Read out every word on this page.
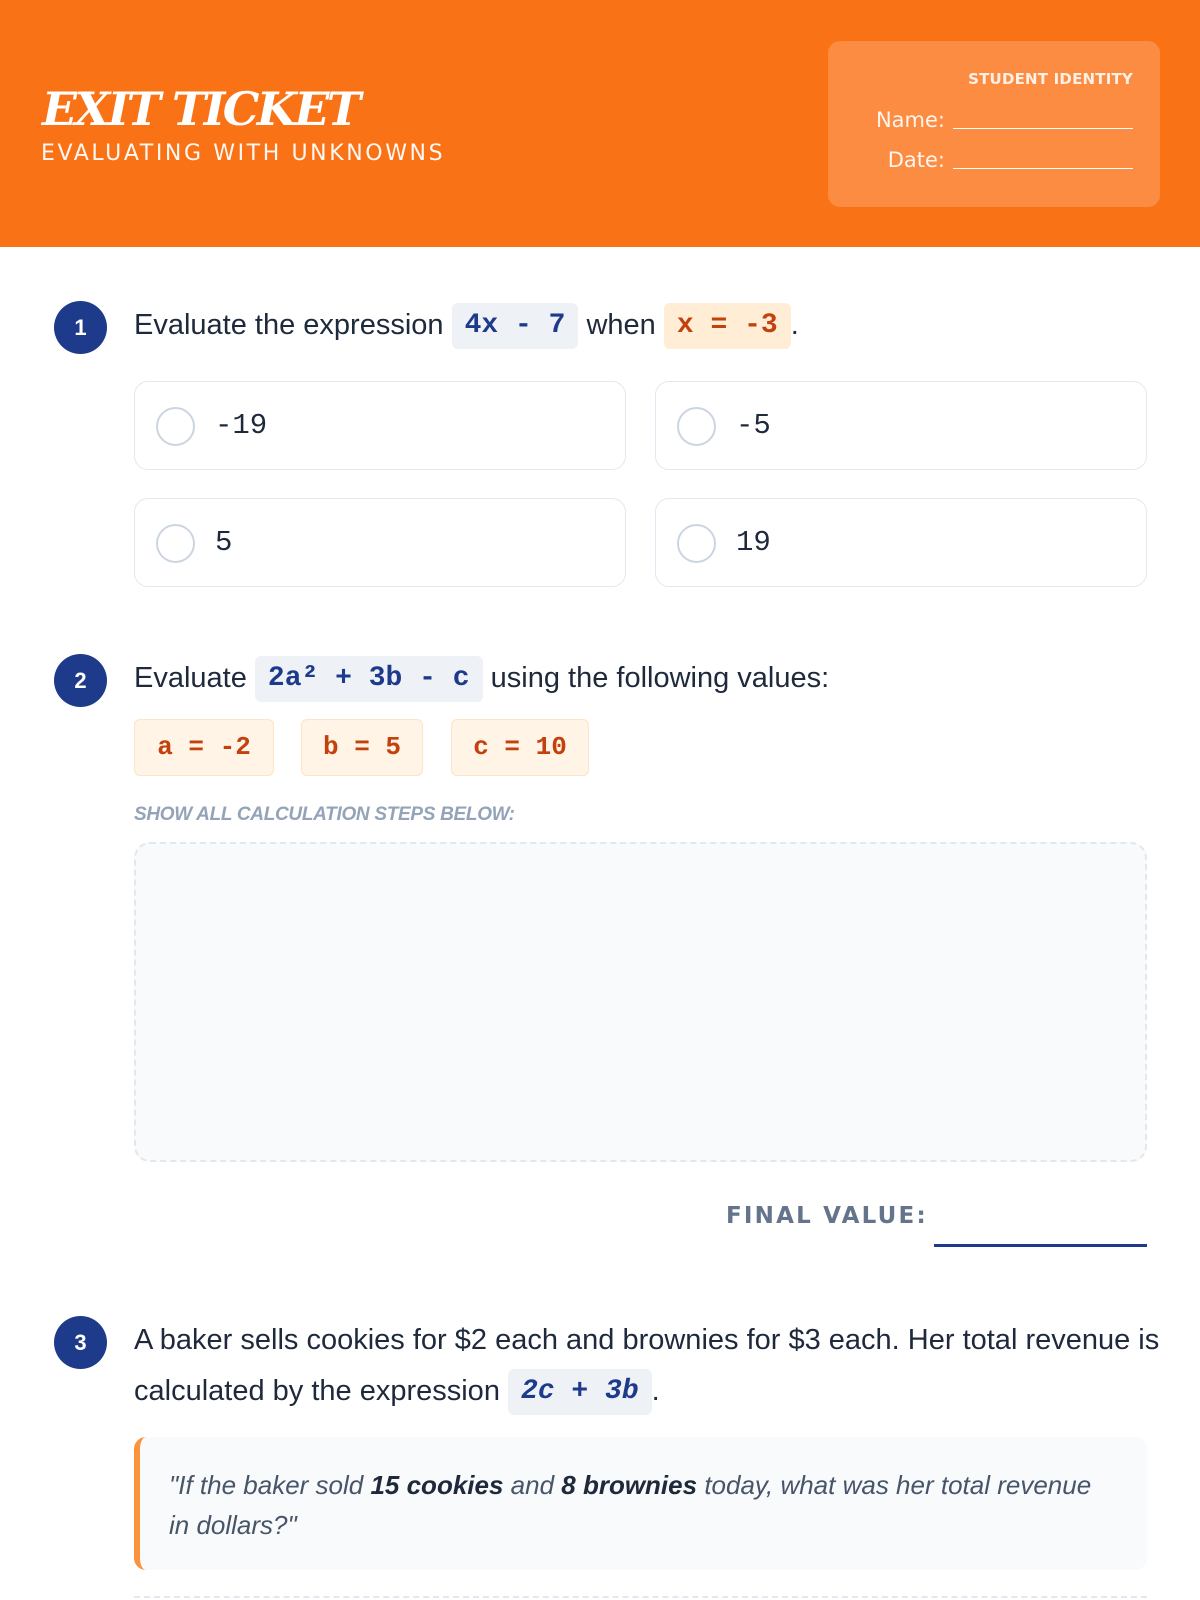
EXIT TICKET
EVALUATING WITH UNKNOWNS
STUDENT IDENTITY
Name:
Date:
1	Evaluate the expression 4x - 7 when x = -3 .
-19	-5
5	19
2	Evaluate 2a² + 3b - c using the following values:
a = -2	b = 5	c = 10
SHOW ALL CALCULATION STEPS BELOW:
FINAL VALUE:
3	A baker sells cookies for $2 each and brownies for $3 each. Her total revenue is calculated by the expression 2c + 3b .
"If the baker sold 15 cookies and 8 brownies today, what was her total revenue in dollars?"
